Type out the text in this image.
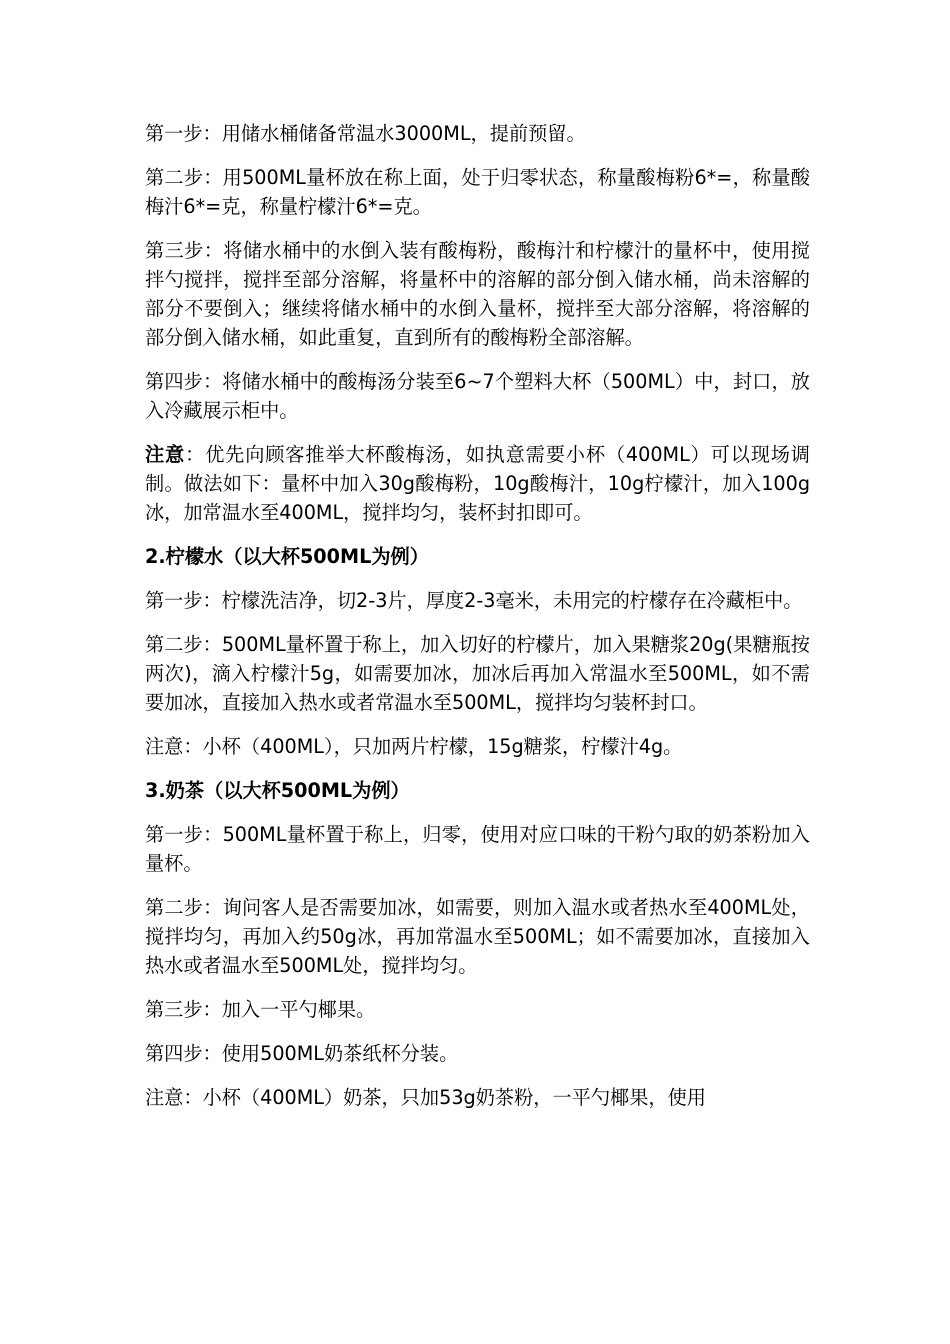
第一步：用储水桶储备常温水3000ML，提前预留。

第二步：用500ML量杯放在称上面，处于归零状态，称量酸梅粉6*=，称量酸梅汁6*=克，称量柠檬汁6*=克。

第三步：将储水桶中的水倒入装有酸梅粉，酸梅汁和柠檬汁的量杯中，使用搅拌勺搅拌，搅拌至部分溶解，将量杯中的溶解的部分倒入储水桶，尚未溶解的部分不要倒入；继续将储水桶中的水倒入量杯，搅拌至大部分溶解，将溶解的部分倒入储水桶，如此重复，直到所有的酸梅粉全部溶解。

第四步：将储水桶中的酸梅汤分装至6~7个塑料大杯（500ML）中，封口，放入冷藏展示柜中。

注意：优先向顾客推举大杯酸梅汤，如执意需要小杯（400ML）可以现场调制。做法如下：量杯中加入30g酸梅粉，10g酸梅汁，10g柠檬汁，加入100g冰，加常温水至400ML，搅拌均匀，装杯封扣即可。

2.柠檬水（以大杯500ML为例）

第一步：柠檬洗洁净，切2-3片，厚度2-3毫米，未用完的柠檬存在冷藏柜中。

第二步：500ML量杯置于称上，加入切好的柠檬片，加入果糖浆20g(果糖瓶按两次)，滴入柠檬汁5g，如需要加冰，加冰后再加入常温水至500ML，如不需要加冰，直接加入热水或者常温水至500ML，搅拌均匀装杯封口。

注意：小杯（400ML），只加两片柠檬，15g糖浆，柠檬汁4g。

3.奶茶（以大杯500ML为例）

第一步：500ML量杯置于称上，归零，使用对应口味的干粉勺取的奶茶粉加入量杯。

第二步：询问客人是否需要加冰，如需要，则加入温水或者热水至400ML处，搅拌均匀，再加入约50g冰，再加常温水至500ML；如不需要加冰，直接加入热水或者温水至500ML处，搅拌均匀。

第三步：加入一平勺椰果。

第四步：使用500ML奶茶纸杯分装。

注意：小杯（400ML）奶茶，只加53g奶茶粉，一平勺椰果，使用
